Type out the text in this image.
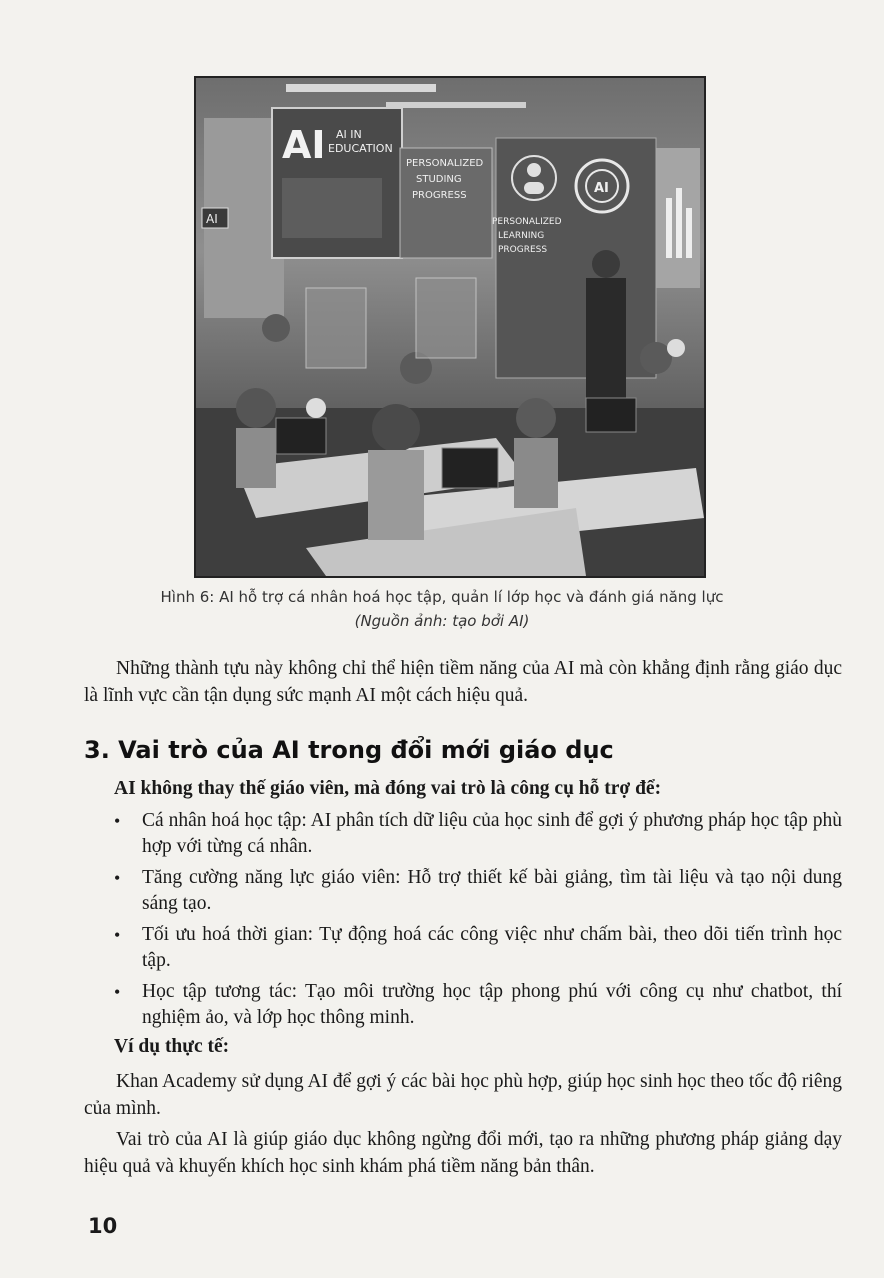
AI AI IN
EDUCATION
PERSONALIZED
STUDING
PROGRESS	AI
PERSONALIZED
LEARNING
PROGRESS
AI
Hình 6: AI hỗ trợ cá nhân hoá học tập, quản lí lớp học và đánh giá năng lực
(Nguồn ảnh: tạo bởi AI)
Những thành tựu này không chỉ thể hiện tiềm năng của AI mà còn khẳng định rằng giáo dục là lĩnh vực cần tận dụng sức mạnh AI một cách hiệu quả.
3. Vai trò của AI trong đổi mới giáo dục
AI không thay thế giáo viên, mà đóng vai trò là công cụ hỗ trợ để:
• Cá nhân hoá học tập: AI phân tích dữ liệu của học sinh để gợi ý phương pháp học tập phù hợp với từng cá nhân.
• Tăng cường năng lực giáo viên: Hỗ trợ thiết kế bài giảng, tìm tài liệu và tạo nội dung sáng tạo.
• Tối ưu hoá thời gian: Tự động hoá các công việc như chấm bài, theo dõi tiến trình học tập.
• Học tập tương tác: Tạo môi trường học tập phong phú với công cụ như chatbot, thí nghiệm ảo, và lớp học thông minh.
Ví dụ thực tế:
Khan Academy sử dụng AI để gợi ý các bài học phù hợp, giúp học sinh học theo tốc độ riêng của mình.
Vai trò của AI là giúp giáo dục không ngừng đổi mới, tạo ra những phương pháp giảng dạy hiệu quả và khuyến khích học sinh khám phá tiềm năng bản thân.
10
